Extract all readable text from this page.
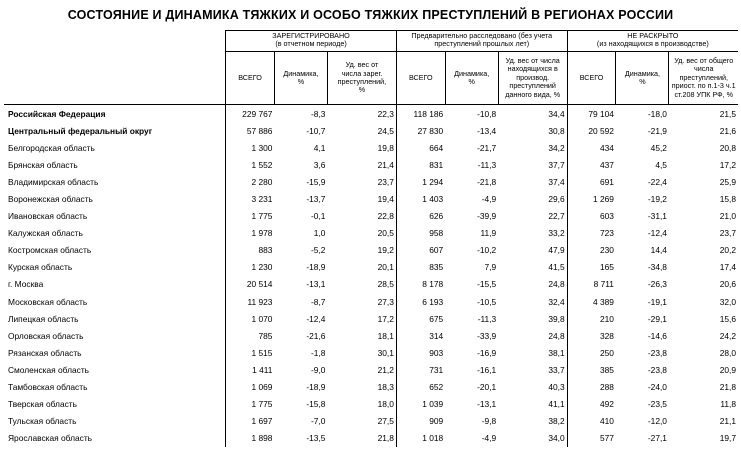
СОСТОЯНИЕ И ДИНАМИКА ТЯЖКИХ И ОСОБО ТЯЖКИХ ПРЕСТУПЛЕНИЙ В РЕГИОНАХ РОССИИ
	ЗАРЕГИСТРИРОВАНО
(в отчетном периоде)			Предварительно расследовано (без учета
преступлений прошлых лет)			НЕ РАСКРЫТО
(из находящихся в производстве)		
	ВСЕГО	Динамика,
%	Уд. вес от
числа зарег.
преступлений,
%	ВСЕГО	Динамика,
%	Уд. вес от числа
находящихся в
производ.
преступлений
данного вида, %	ВСЕГО	Динамика,
%	Уд. вес от общего
числа преступлений,
приост. по п.1-3 ч.1
ст.208 УПК РФ, %
Российская Федерация	229 767	-8,3	22,3	118 186	-10,8	34,4	79 104	-18,0	21,5
Центральный федеральный округ	57 886	-10,7	24,5	27 830	-13,4	30,8	20 592	-21,9	21,6
Белгородская область	1 300	4,1	19,8	664	-21,7	34,2	434	45,2	20,8
Брянская область	1 552	3,6	21,4	831	-11,3	37,7	437	4,5	17,2
Владимирская область	2 280	-15,9	23,7	1 294	-21,8	37,4	691	-22,4	25,9
Воронежская область	3 231	-13,7	19,4	1 403	-4,9	29,6	1 269	-19,2	15,8
Ивановская область	1 775	-0,1	22,8	626	-39,9	22,7	603	-31,1	21,0
Калужская область	1 978	1,0	20,5	958	11,9	33,2	723	-12,4	23,7
Костромская область	883	-5,2	19,2	607	-10,2	47,9	230	14,4	20,2
Курская область	1 230	-18,9	20,1	835	7,9	41,5	165	-34,8	17,4
г. Москва	20 514	-13,1	28,5	8 178	-15,5	24,8	8 711	-26,3	20,6
Московская область	11 923	-8,7	27,3	6 193	-10,5	32,4	4 389	-19,1	32,0
Липецкая область	1 070	-12,4	17,2	675	-11,3	39,8	210	-29,1	15,6
Орловская область	785	-21,6	18,1	314	-33,9	24,8	328	-14,6	24,2
Рязанская область	1 515	-1,8	30,1	903	-16,9	38,1	250	-23,8	28,0
Смоленская область	1 411	-9,0	21,2	731	-16,1	33,7	385	-23,8	20,9
Тамбовская область	1 069	-18,9	18,3	652	-20,1	40,3	288	-24,0	21,8
Тверская область	1 775	-15,8	18,0	1 039	-13,1	41,1	492	-23,5	11,8
Тульская область	1 697	-7,0	27,5	909	-9,8	38,2	410	-12,0	21,1
Ярославская область	1 898	-13,5	21,8	1 018	-4,9	34,0	577	-27,1	19,7
